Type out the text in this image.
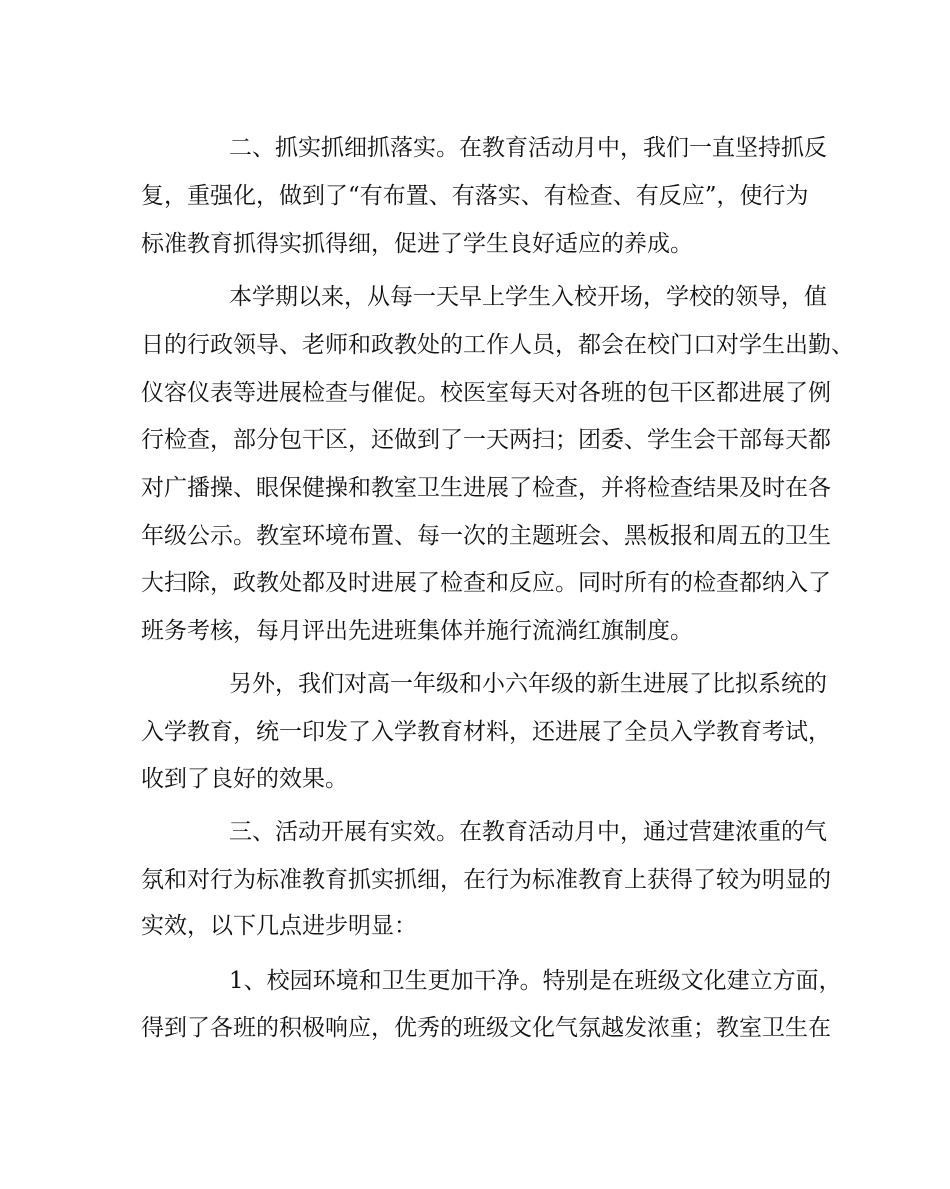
二、抓实抓细抓落实。在教育活动月中，我们一直坚持抓反

复，重强化，做到了“有布置、有落实、有检查、有反应”，使行为

标准教育抓得实抓得细，促进了学生良好适应的养成。

本学期以来，从每一天早上学生入校开场，学校的领导，值

日的行政领导、老师和政教处的工作人员，都会在校门口对学生出勤、

仪容仪表等进展检查与催促。校医室每天对各班的包干区都进展了例

行检查，部分包干区，还做到了一天两扫；团委、学生会干部每天都

对广播操、眼保健操和教室卫生进展了检查，并将检查结果及时在各

年级公示。教室环境布置、每一次的主题班会、黑板报和周五的卫生

大扫除，政教处都及时进展了检查和反应。同时所有的检查都纳入了

班务考核，每月评出先进班集体并施行流淌红旗制度。

另外，我们对高一年级和小六年级的新生进展了比拟系统的

入学教育，统一印发了入学教育材料，还进展了全员入学教育考试，

收到了良好的效果。

三、活动开展有实效。在教育活动月中，通过营建浓重的气

氛和对行为标准教育抓实抓细，在行为标准教育上获得了较为明显的

实效，以下几点进步明显：

1、校园环境和卫生更加干净。特别是在班级文化建立方面，

得到了各班的积极响应，优秀的班级文化气氛越发浓重；教室卫生在
